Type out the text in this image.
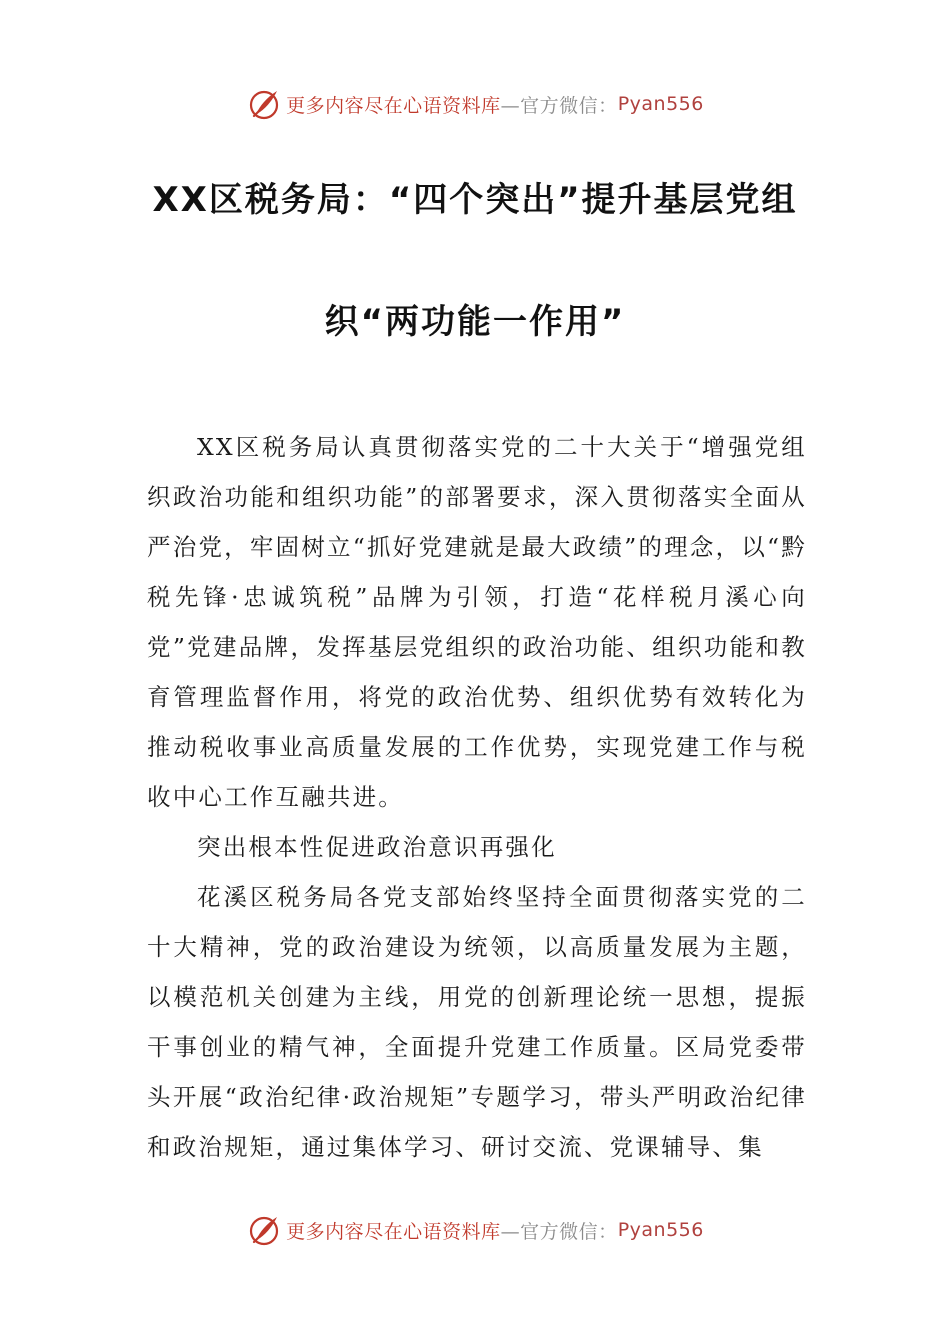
更多内容尽在心语资料库 —官方微信： Pyan556
XX区税务局：“四个突出”提升基层党组
织“两功能一作用”

XX区税务局认真贯彻落实党的二十大关于“增强党组织政治功能和组织功能”的部署要求，深入贯彻落实全面从严治党，牢固树立“抓好党建就是最大政绩”的理念，以“黔税先锋·忠诚筑税”品牌为引领，打造“花样税月溪心向党”党建品牌，发挥基层党组织的政治功能、组织功能和教育管理监督作用，将党的政治优势、组织优势有效转化为推动税收事业高质量发展的工作优势，实现党建工作与税收中心工作互融共进。

突出根本性促进政治意识再强化

花溪区税务局各党支部始终坚持全面贯彻落实党的二十大精神，党的政治建设为统领，以高质量发展为主题，以模范机关创建为主线，用党的创新理论统一思想，提振干事创业的精气神，全面提升党建工作质量。区局党委带头开展“政治纪律·政治规矩”专题学习，带头严明政治纪律和政治规矩，通过集体学习、研讨交流、党课辅导、集

更多内容尽在心语资料库 —官方微信： Pyan556
